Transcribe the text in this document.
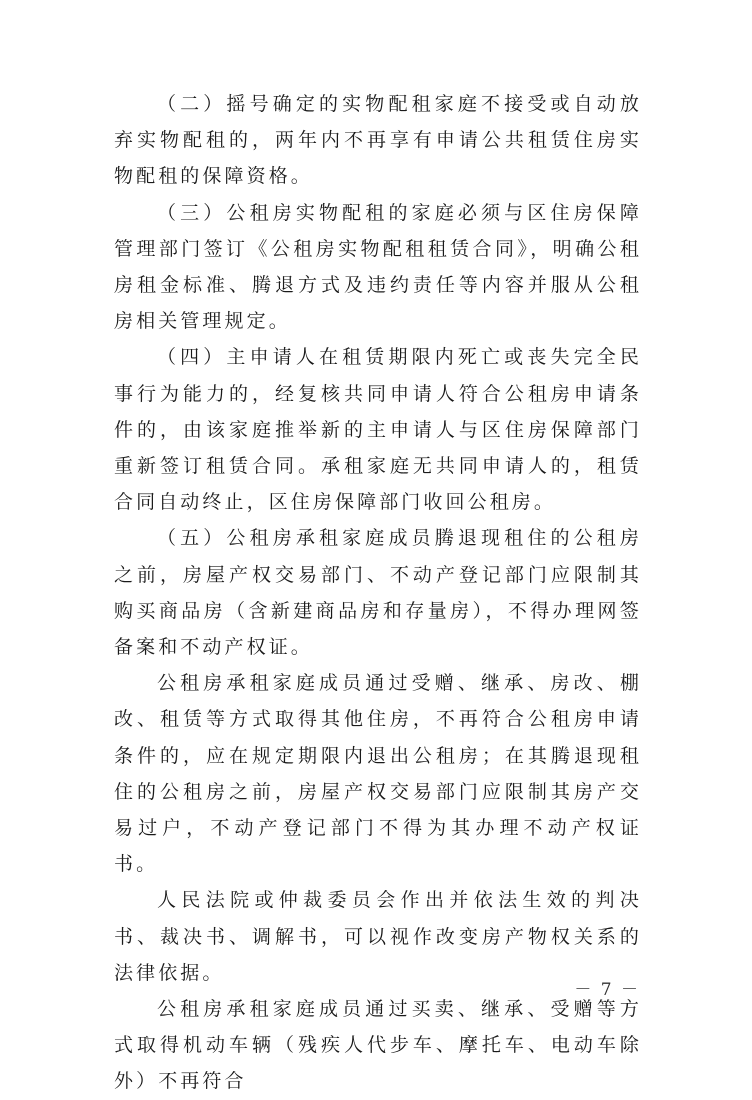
（二）摇号确定的实物配租家庭不接受或自动放弃实物配租的，两年内不再享有申请公共租赁住房实物配租的保障资格。

（三）公租房实物配租的家庭必须与区住房保障管理部门签订《公租房实物配租租赁合同》，明确公租房租金标准、腾退方式及违约责任等内容并服从公租房相关管理规定。

（四）主申请人在租赁期限内死亡或丧失完全民事行为能力的，经复核共同申请人符合公租房申请条件的，由该家庭推举新的主申请人与区住房保障部门重新签订租赁合同。承租家庭无共同申请人的，租赁合同自动终止，区住房保障部门收回公租房。

（五）公租房承租家庭成员腾退现租住的公租房之前，房屋产权交易部门、不动产登记部门应限制其购买商品房（含新建商品房和存量房），不得办理网签备案和不动产权证。

公租房承租家庭成员通过受赠、继承、房改、棚改、租赁等方式取得其他住房，不再符合公租房申请条件的，应在规定期限内退出公租房；在其腾退现租住的公租房之前，房屋产权交易部门应限制其房产交易过户，不动产登记部门不得为其办理不动产权证书。

人民法院或仲裁委员会作出并依法生效的判决书、裁决书、调解书，可以视作改变房产物权关系的法律依据。

公租房承租家庭成员通过买卖、继承、受赠等方式取得机动车辆（残疾人代步车、摩托车、电动车除外）不再符合

－ 7 －
